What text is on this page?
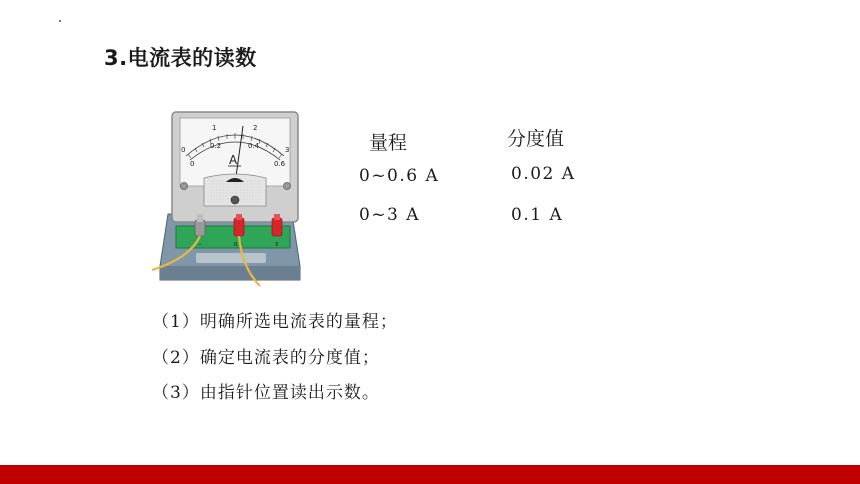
3.电流表的读数
0
1	2
3
0
0.2	0.4
0.6
A
−	0.6	3
量程	分度值
0~0.6 A	0.02 A
0~3 A	0.1 A
（1）明确所选电流表的量程；
（2）确定电流表的分度值；
（3）由指针位置读出示数。
